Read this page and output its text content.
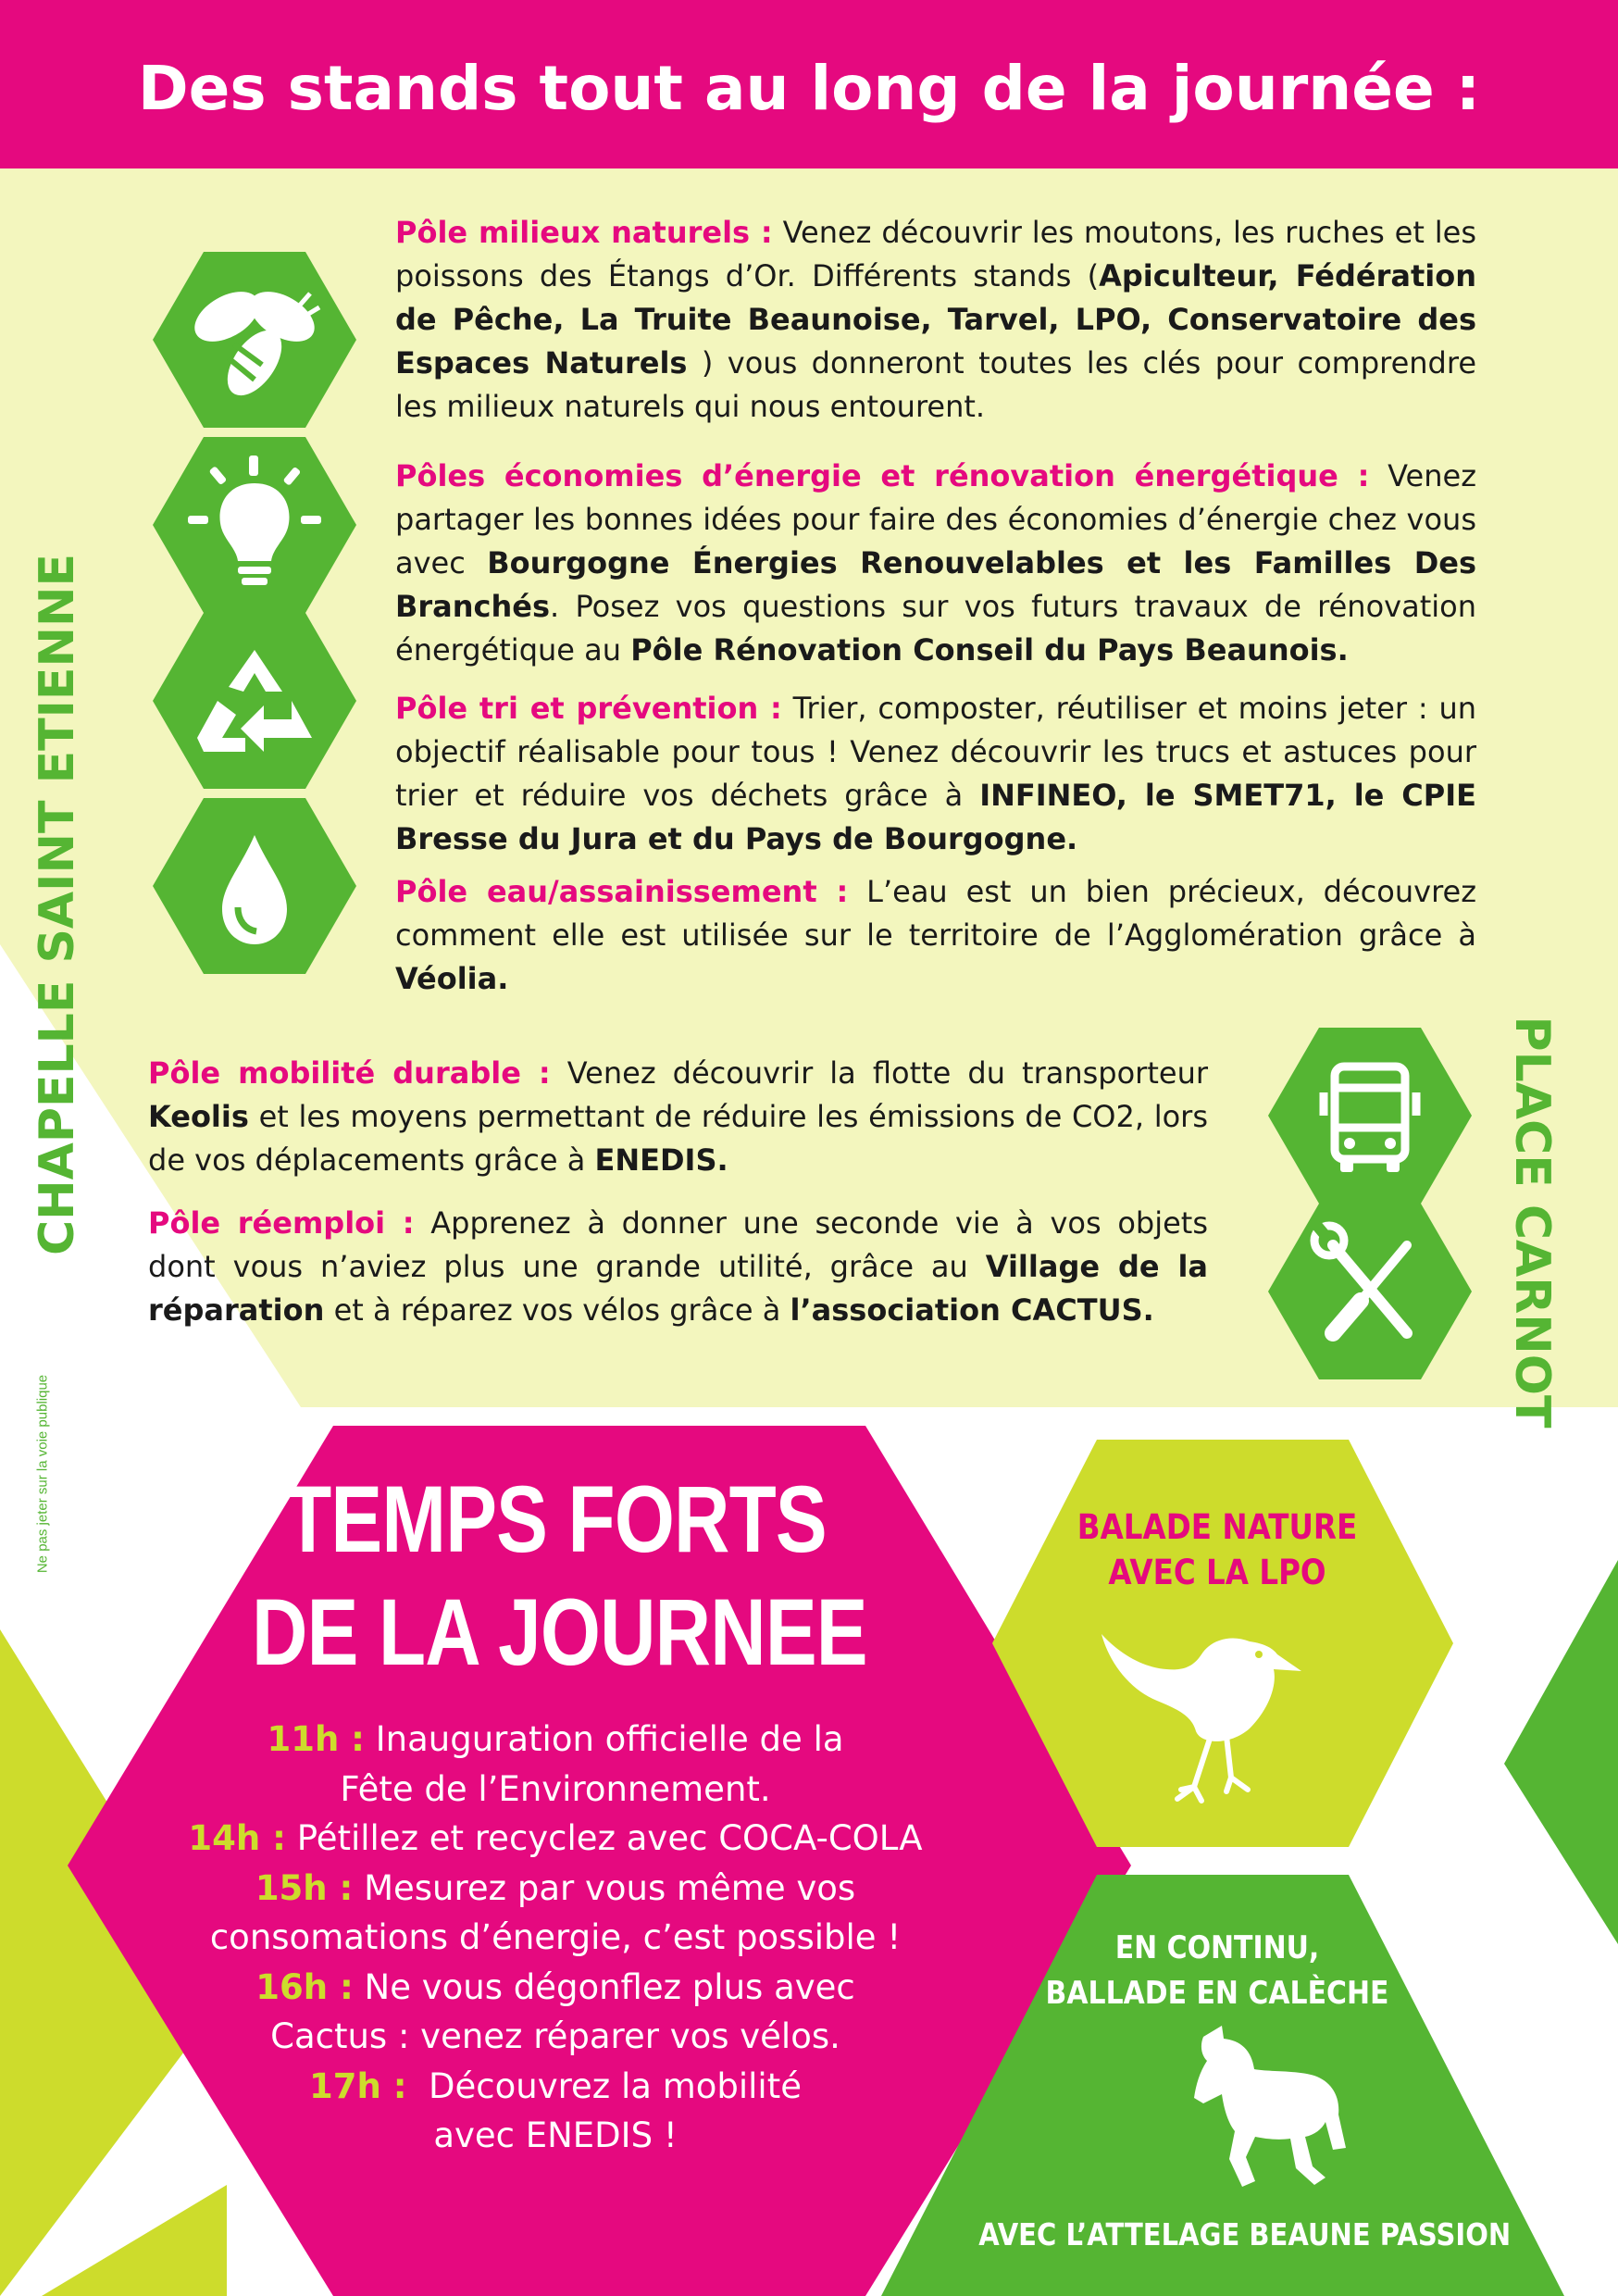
Des stands tout au long de la journée :
CHAPELLE SAINT ETIENNE	PLACE CARNOT
Ne pas jeter sur la voie publique

Pôle milieux naturels : Venez découvrir les moutons, les ruches et les poissons des Étangs d’Or. Différents stands (Apiculteur, Fédération de Pêche, La Truite Beaunoise, Tarvel, LPO, Conservatoire des Espaces Naturels ) vous donneront toutes les clés pour comprendre les milieux naturels qui nous entourent.

Pôles économies d’énergie et rénovation énergétique : Venez partager les bonnes idées pour faire des économies d’énergie chez vous avec Bourgogne Énergies Renouvelables et les Familles Des Branchés. Posez vos questions sur vos futurs travaux de rénovation énergétique au Pôle Rénovation Conseil du Pays Beaunois.

Pôle tri et prévention : Trier, composter, réutiliser et moins jeter : un objectif réalisable pour tous ! Venez découvrir les trucs et astuces pour trier et réduire vos déchets grâce à INFINEO, le SMET71, le CPIE Bresse du Jura et du Pays de Bourgogne.

Pôle eau/assainissement : L’eau est un bien précieux, découvrez comment elle est utilisée sur le territoire de l’Agglomération grâce à Véolia.

Pôle mobilité durable : Venez découvrir la flotte du transporteur Keolis et les moyens permettant de réduire les émissions de CO2, lors de vos déplacements grâce à ENEDIS.

Pôle réemploi : Apprenez à donner une seconde vie à vos objets dont vous n’aviez plus une grande utilité, grâce au Village de la réparation et à réparez vos vélos grâce à l’association CACTUS.

TEMPS FORTS
DE LA JOURNEE
11h : Inauguration officielle de la
Fête de l’Environnement.
14h : Pétillez et recyclez avec COCA-COLA
15h : Mesurez par vous même vos
consomations d’énergie, c’est possible !
16h : Ne vous dégonflez plus avec
Cactus : venez réparer vos vélos.
17h :  Découvrez la mobilité
avec ENEDIS !
BALADE NATURE
AVEC LA LPO
EN CONTINU,
BALLADE EN CALÈCHE
AVEC L’ATTELAGE BEAUNE PASSION
